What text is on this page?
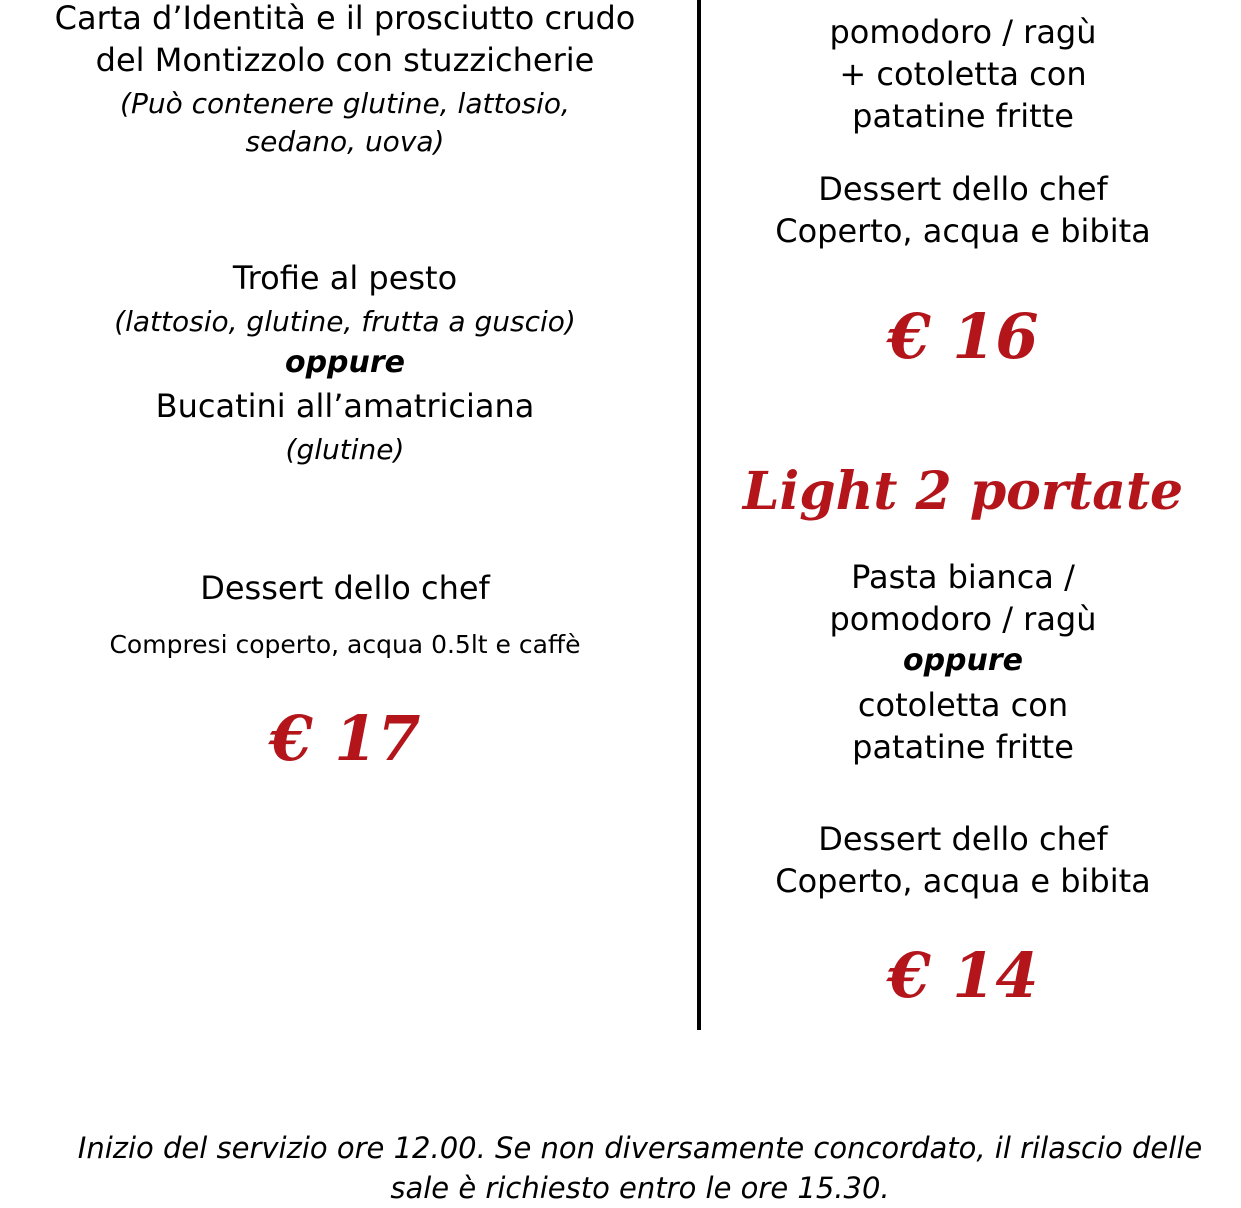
Carta d’Identità e il prosciutto crudo
del Montizzolo con stuzzicherie
(Può contenere glutine, lattosio,
sedano, uova)
Trofie al pesto
(lattosio, glutine, frutta a guscio)
oppure
Bucatini all’amatriciana
(glutine)
Dessert dello chef
Compresi coperto, acqua 0.5lt e caffè
€ 17
pomodoro / ragù
+ cotoletta con
patatine fritte
Dessert dello chef
Coperto, acqua e bibita
€ 16
Light 2 portate
Pasta bianca /
pomodoro / ragù
oppure
cotoletta con
patatine fritte
Dessert dello chef
Coperto, acqua e bibita
€ 14
Inizio del servizio ore 12.00. Se non diversamente concordato, il rilascio delle
sale è richiesto entro le ore 15.30.
